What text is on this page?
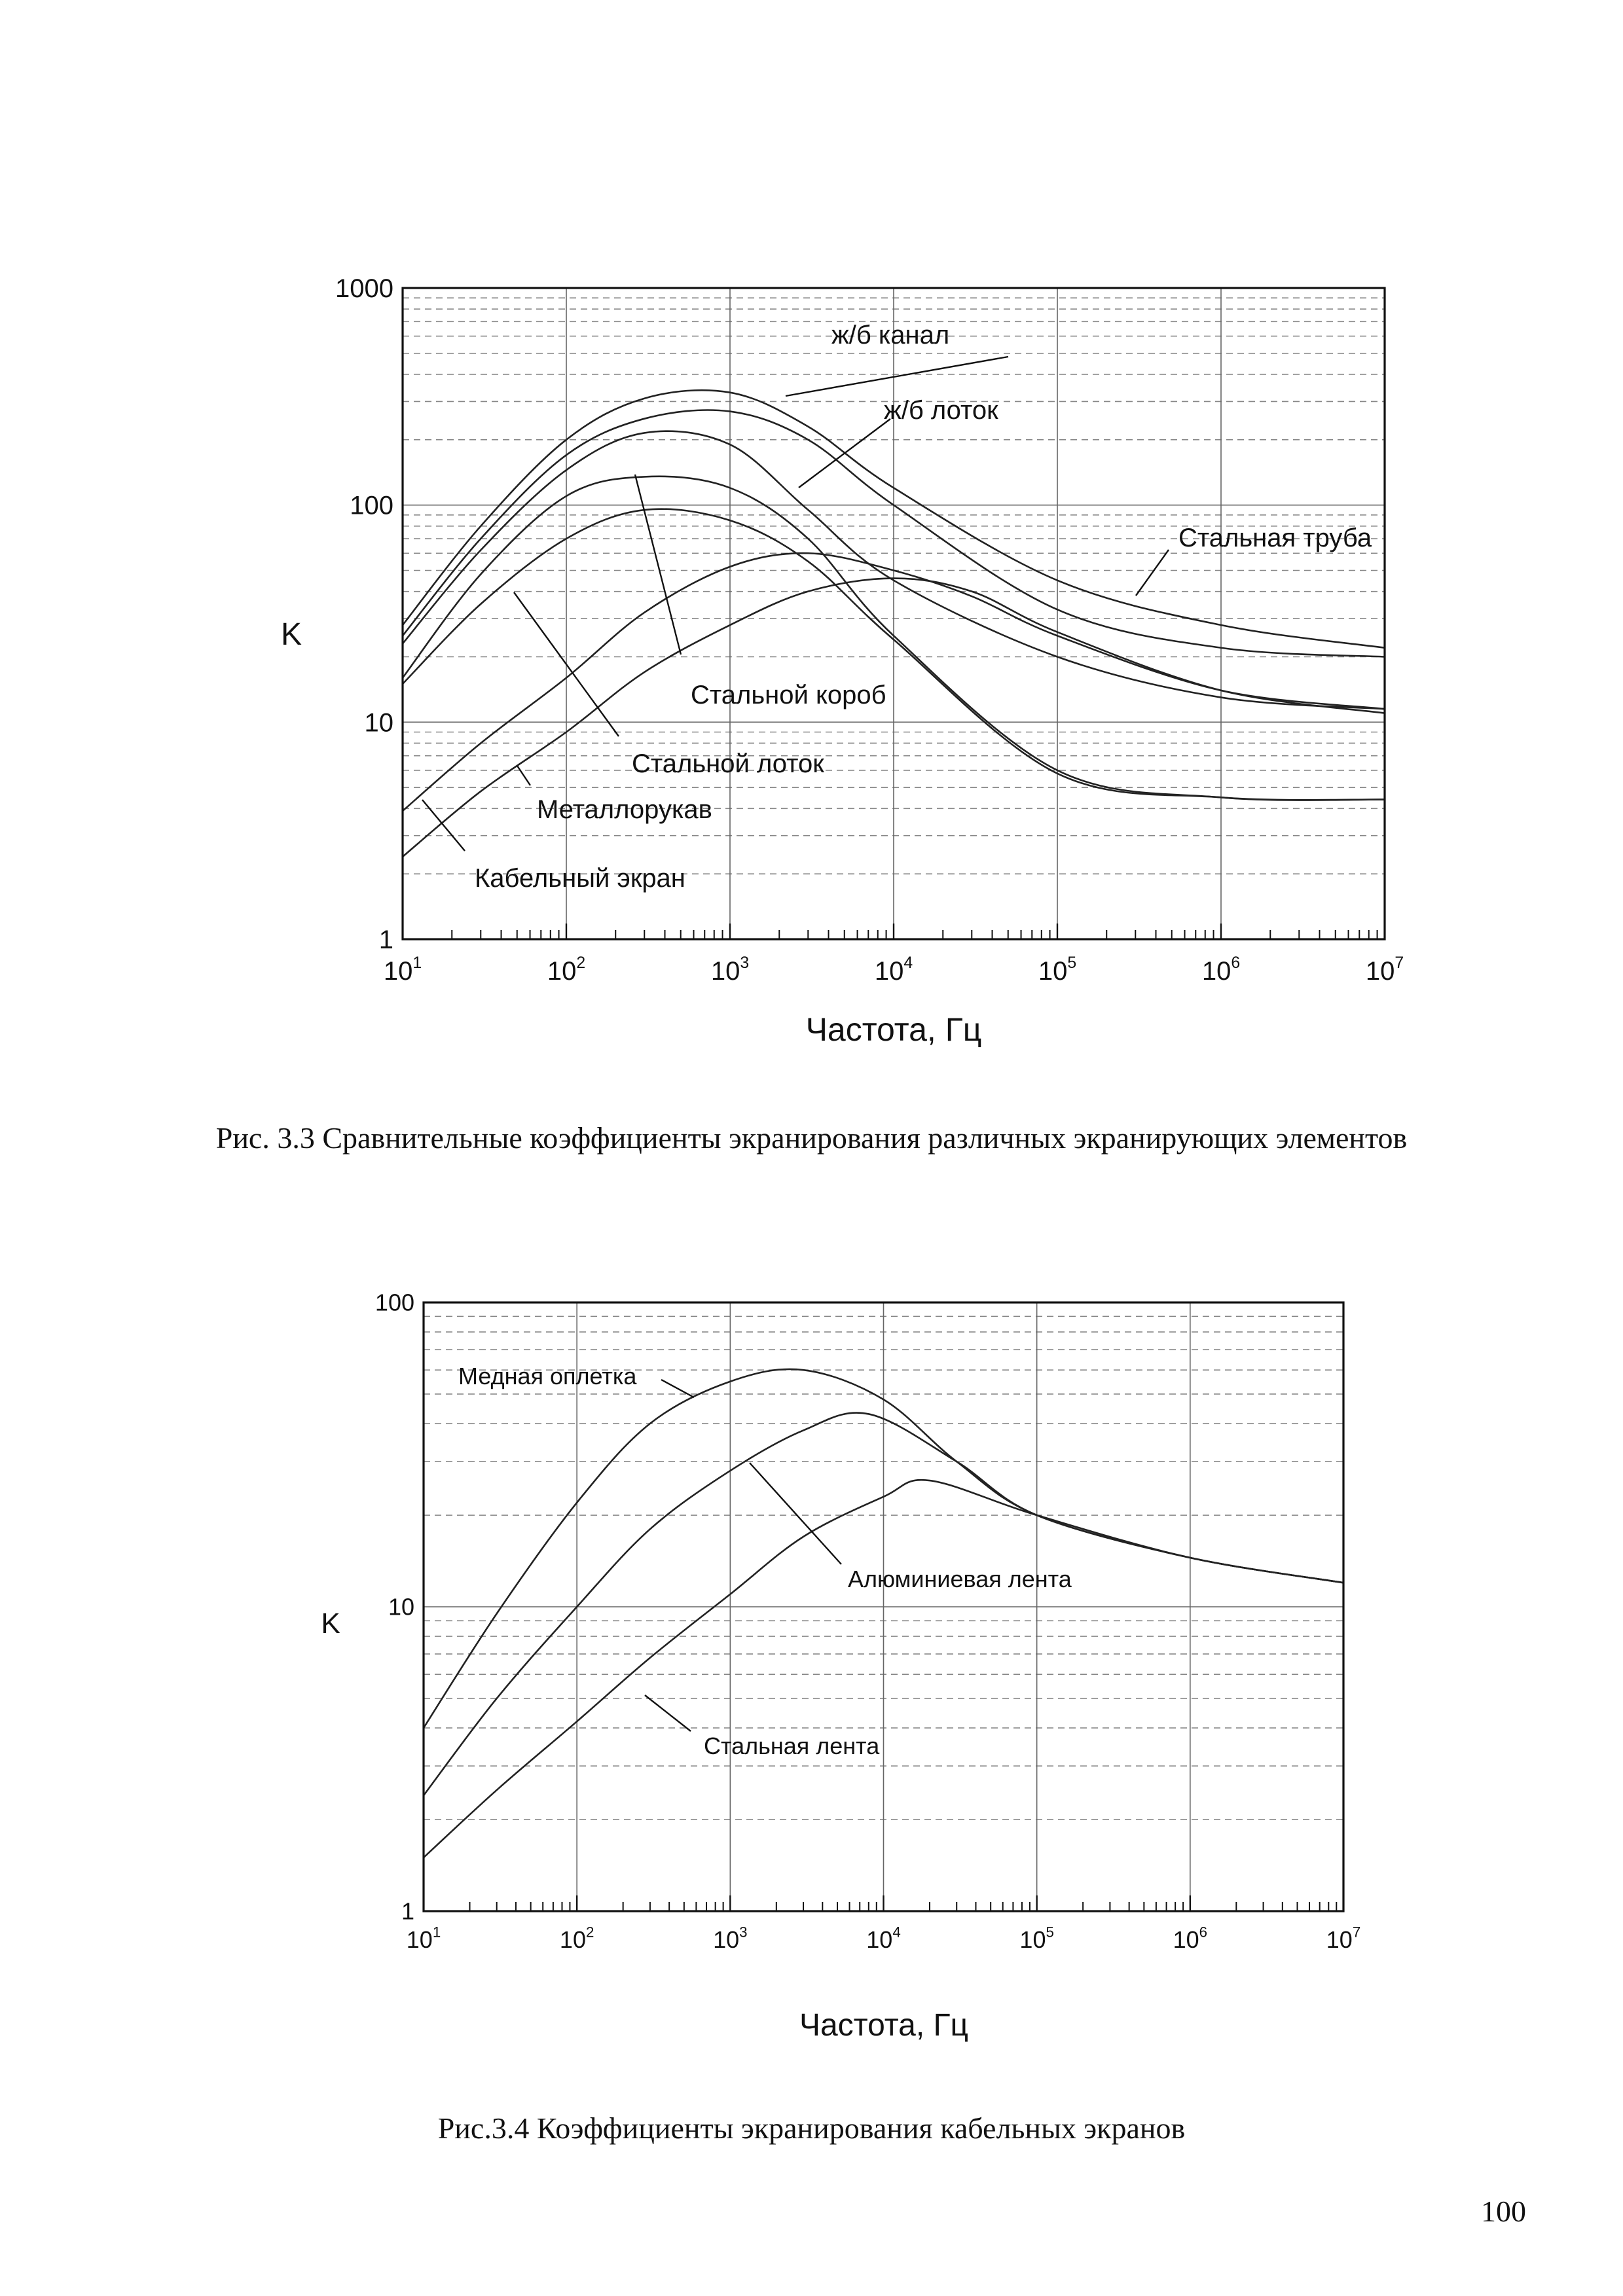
1
10
100
1000
$10^1$	$10^2$	$10^3$	$10^4$	$10^5$	$10^6$	$10^7$
Частота, Гц
K
ж/б канал
ж/б лоток
Стальная труба
Стальной короб
Стальной лоток
Металлорукав
Кабельный экран
Рис. 3.3 Сравнительные коэффициенты экранирования различных экранирующих элементов
1
10
100
$10^1$	$10^2$	$10^3$	$10^4$	$10^5$	$10^6$	$10^7$
Частота, Гц
K
Медная оплетка
Алюминиевая лента
Стальная лента
Рис.3.4 Коэффициенты экранирования кабельных экранов
100
